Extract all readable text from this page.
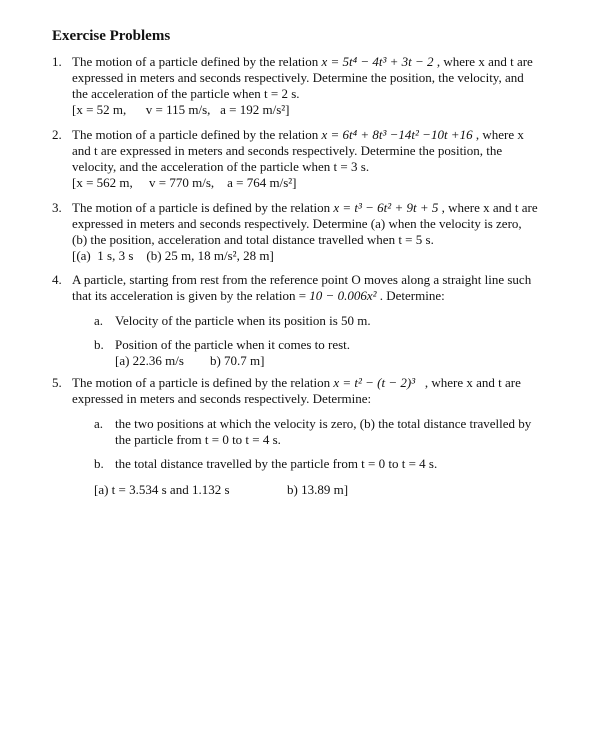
Exercise Problems
1. The motion of a particle defined by the relation x = 5t⁴ − 4t³ + 3t − 2 , where x and t are
expressed in meters and seconds respectively. Determine the position, the velocity, and
the acceleration of the particle when t = 2 s.
[x = 52 m,      v = 115 m/s,   a = 192 m/s²]
2. The motion of a particle defined by the relation x = 6t⁴ + 8t³ −14t² −10t +16 , where x
and t are expressed in meters and seconds respectively. Determine the position, the
velocity, and the acceleration of the particle when t = 3 s.
[x = 562 m,     v = 770 m/s,    a = 764 m/s²]
3. The motion of a particle is defined by the relation x = t³ − 6t² + 9t + 5 , where x and t are
expressed in meters and seconds respectively. Determine (a) when the velocity is zero,
(b) the position, acceleration and total distance travelled when t = 5 s.
[(a)  1 s, 3 s    (b) 25 m, 18 m/s², 28 m]
4. A particle, starting from rest from the reference point O moves along a straight line such
that its acceleration is given by the relation = 10 − 0.006x² . Determine:
a. Velocity of the particle when its position is 50 m.
b. Position of the particle when it comes to rest.
[a) 22.36 m/s        b) 70.7 m]
5. The motion of a particle is defined by the relation x = t² − (t − 2)³   , where x and t are
expressed in meters and seconds respectively. Determine:
a. the two positions at which the velocity is zero, (b) the total distance travelled by
the particle from t = 0 to t = 4 s.
b. the total distance travelled by the particle from t = 0 to t = 4 s.
[a) t = 3.534 s and 1.132 s	b) 13.89 m]
